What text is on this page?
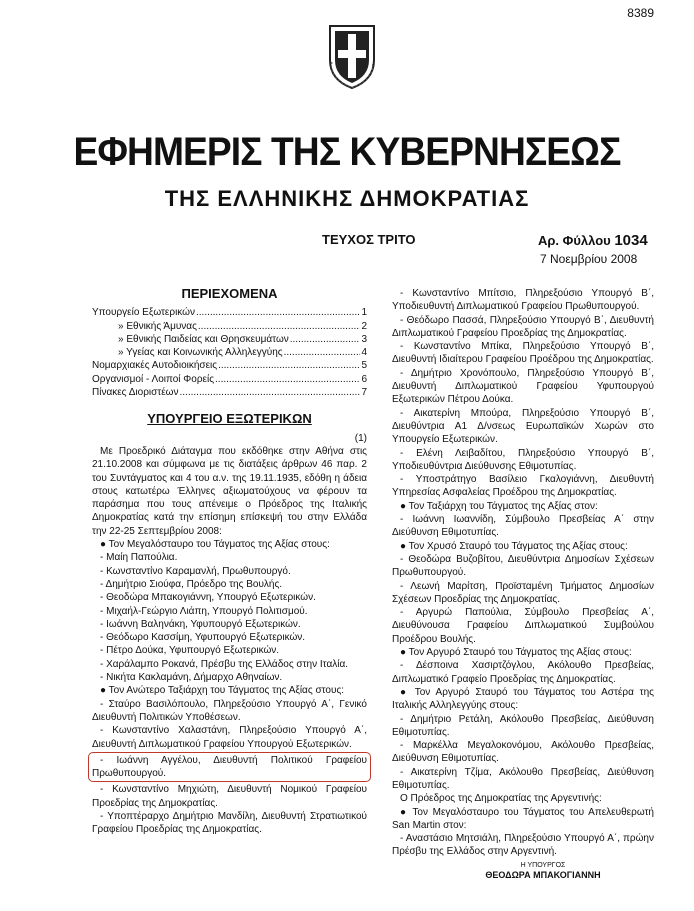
8389
ΕΦΗΜΕΡΙΣ ΤΗΣ ΚΥΒΕΡΝΗΣΕΩΣ
ΤΗΣ ΕΛΛΗΝΙΚΗΣ ΔΗΜΟΚΡΑΤΙΑΣ
ΤΕΥΧΟΣ ΤΡΙΤΟ	Αρ. Φύλλου 1034
7 Νοεμβρίου 2008
ΠΕΡΙΕΧΟΜΕΝΑ
Υπουργείο Εξωτερικών .....	1
» Εθνικής Άμυνας .....	2
» Εθνικής Παιδείας και Θρησκευμάτων .....	3
» Υγείας και Κοινωνικής Αλληλεγγύης .....	4
Νομαρχιακές Αυτοδιοικήσεις .....	5
Οργανισμοί - Λοιποί Φορείς .....	6
Πίνακες Διοριστέων .....	7
ΥΠΟΥΡΓΕΙΟ ΕΞΩΤΕΡΙΚΩΝ
(1)
Με Προεδρικό Διάταγμα που εκδόθηκε στην Αθήνα στις 21.10.2008 και σύμφωνα με τις διατάξεις άρθρων 46 παρ. 2 του Συντάγματος και 4 του α.ν. της 19.11.1935, εδόθη η άδεια στους κατωτέρω Έλληνες αξιωματούχους να φέρουν τα παράσημα που τους απένειμε ο Πρόεδρος της Ιταλικής Δημοκρατίας κατά την επίσημη επίσκεψή του στην Ελλάδα την 22-25 Σεπτεμβρίου 2008:
● Τον Μεγαλόσταυρο του Τάγματος της Αξίας στους:
- Μαίη Παπούλια.
- Κωνσταντίνο Καραμανλή, Πρωθυπουργό.
- Δημήτριο Σιούφα, Πρόεδρο της Βουλής.
- Θεοδώρα Μπακογιάννη, Υπουργό Εξωτερικών.
- Μιχαήλ-Γεώργιο Λιάπη, Υπουργό Πολιτισμού.
- Ιωάννη Βαληνάκη, Υφυπουργό Εξωτερικών.
- Θεόδωρο Κασσίμη, Υφυπουργό Εξωτερικών.
- Πέτρο Δούκα, Υφυπουργό Εξωτερικών.
- Χαράλαμπο Ροκανά, Πρέσβυ της Ελλάδος στην Ιταλία.
- Νικήτα Κακλαμάνη, Δήμαρχο Αθηναίων.
● Τον Ανώτερο Ταξιάρχη του Τάγματος της Αξίας στους:
- Σταύρο Βασιλόπουλο, Πληρεξούσιο Υπουργό Α΄, Γενικό Διευθυντή Πολιτικών Υποθέσεων.
- Κωνσταντίνο Χαλαστάνη, Πληρεξούσιο Υπουργό Α΄, Διευθυντή Διπλωματικού Γραφείου Υπουργού Εξωτερικών.
- Ιωάννη Αγγέλου, Διευθυντή Πολιτικού Γραφείου Πρωθυπουργού.
- Κωνσταντίνο Μηχιώτη, Διευθυντή Νομικού Γραφείου Προεδρίας της Δημοκρατίας.
- Υποπτέραρχο Δημήτριο Μανδίλη, Διευθυντή Στρατιωτικού Γραφείου Προεδρίας της Δημοκρατίας.
- Κωνσταντίνο Μπίτσιο, Πληρεξούσιο Υπουργό Β΄, Υποδιευθυντή Διπλωματικού Γραφείου Πρωθυπουργού.
- Θεόδωρο Πασσά, Πληρεξούσιο Υπουργό Β΄, Διευθυντή Διπλωματικού Γραφείου Προεδρίας της Δημοκρατίας.
- Κωνσταντίνο Μπίκα, Πληρεξούσιο Υπουργό Β΄, Διευθυντή Ιδιαίτερου Γραφείου Προέδρου της Δημοκρατίας.
- Δημήτριο Χρονόπουλο, Πληρεξούσιο Υπουργό Β΄, Διευθυντή Διπλωματικού Γραφείου Υφυπουργού Εξωτερικών Πέτρου Δούκα.
- Αικατερίνη Μπούρα, Πληρεξούσιο Υπουργό Β΄, Διευθύντρια Α1 Δ/νσεως Ευρωπαϊκών Χωρών στο Υπουργείο Εξωτερικών.
- Ελένη Λειβαδίτου, Πληρεξούσιο Υπουργό Β΄, Υποδιευθύντρια Διεύθυνσης Εθιμοτυπίας.
- Υποστράτηγο Βασίλειο Γκαλογιάννη, Διευθυντή Υπηρεσίας Ασφαλείας Προέδρου της Δημοκρατίας.
● Τον Ταξιάρχη του Τάγματος της Αξίας στον:
- Ιωάννη Ιωαννίδη, Σύμβουλο Πρεσβείας Α΄ στην Διεύθυνση Εθιμοτυπίας.
● Τον Χρυσό Σταυρό του Τάγματος της Αξίας στους:
- Θεοδώρα Βυζοβίτου, Διευθύντρια Δημοσίων Σχέσεων Πρωθυπουργού.
- Λεωνή Μαρίτση, Προϊσταμένη Τμήματος Δημοσίων Σχέσεων Προεδρίας της Δημοκρατίας.
- Αργυρώ Παπούλια, Σύμβουλο Πρεσβείας Α΄, Διευθύνουσα Γραφείου Διπλωματικού Συμβούλου Προέδρου Βουλής.
● Τον Αργυρό Σταυρό του Τάγματος της Αξίας στους:
- Δέσποινα Χασιρτζόγλου, Ακόλουθο Πρεσβείας, Διπλωματικό Γραφείο Προεδρίας της Δημοκρατίας.
● Τον Αργυρό Σταυρό του Τάγματος του Αστέρα της Ιταλικής Αλληλεγγύης στους:
- Δημήτριο Ρετάλη, Ακόλουθο Πρεσβείας, Διεύθυνση Εθιμοτυπίας.
- Μαρκέλλα Μεγαλοκονόμου, Ακόλουθο Πρεσβείας, Διεύθυνση Εθιμοτυπίας.
- Αικατερίνη Τζίμα, Ακόλουθο Πρεσβείας, Διεύθυνση Εθιμοτυπίας.
Ο Πρόεδρος της Δημοκρατίας της Αργεντινής:
● Τον Μεγαλόσταυρο του Τάγματος του Απελευθερωτή San Martin στον:
- Αναστάσιο Μητσιάλη, Πληρεξούσιο Υπουργό Α΄, πρώην Πρέσβυ της Ελλάδος στην Αργεντινή.
Η ΥΠΟΥΡΓΟΣ
ΘΕΟΔΩΡΑ ΜΠΑΚΟΓΙΑΝΝΗ
